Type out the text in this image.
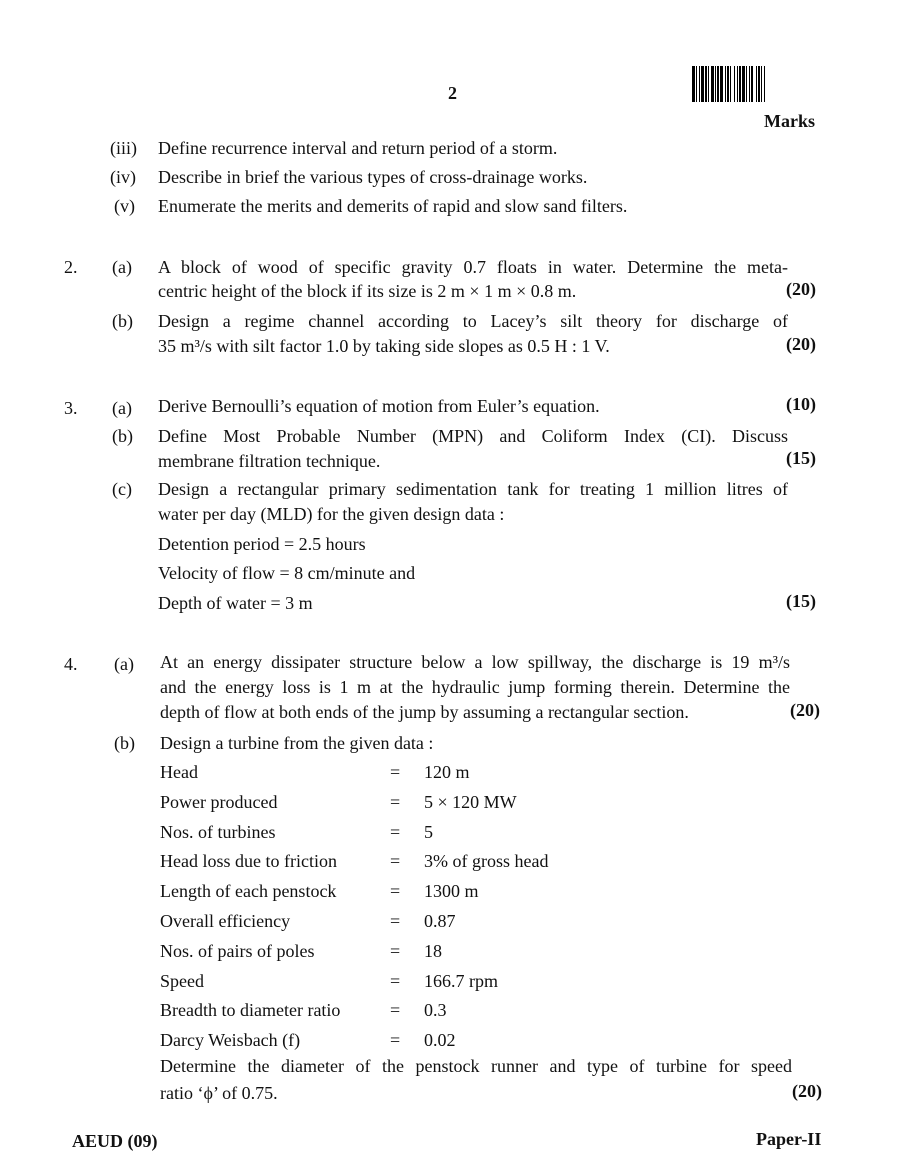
2
Marks
(iii) Define recurrence interval and return period of a storm.
(iv) Describe in brief the various types of cross-drainage works.
(v) Enumerate the merits and demerits of rapid and slow sand filters.
2. (a) A block of wood of specific gravity 0.7 floats in water. Determine the meta-
centric height of the block if its size is 2 m × 1 m × 0.8 m.	(20)
(b) Design a regime channel according to Lacey’s silt theory for discharge of
35 m³/s with silt factor 1.0 by taking side slopes as 0.5 H : 1 V.	(20)
3. (a) Derive Bernoulli’s equation of motion from Euler’s equation.	(10)
(b) Define Most Probable Number (MPN) and Coliform Index (CI). Discuss
membrane filtration technique.	(15)
(c) Design a rectangular primary sedimentation tank for treating 1 million litres of
water per day (MLD) for the given design data :
Detention period = 2.5 hours
Velocity of flow = 8 cm/minute and
Depth of water = 3 m	(15)
4. (a) At an energy dissipater structure below a low spillway, the discharge is 19 m³/s
and the energy loss is 1 m at the hydraulic jump forming therein. Determine the
depth of flow at both ends of the jump by assuming a rectangular section.	(20)
(b) Design a turbine from the given data :
Head	= 120 m
Power produced	= 5 × 120 MW
Nos. of turbines	= 5
Head loss due to friction	= 3% of gross head
Length of each penstock	= 1300 m
Overall efficiency	= 0.87
Nos. of pairs of poles	= 18
Speed	= 166.7 rpm
Breadth to diameter ratio	= 0.3
Darcy Weisbach (f)	= 0.02
Determine the diameter of the penstock runner and type of turbine for speed
ratio ‘ϕ’ of 0.75.	(20)
AEUD (09)	Paper-II
